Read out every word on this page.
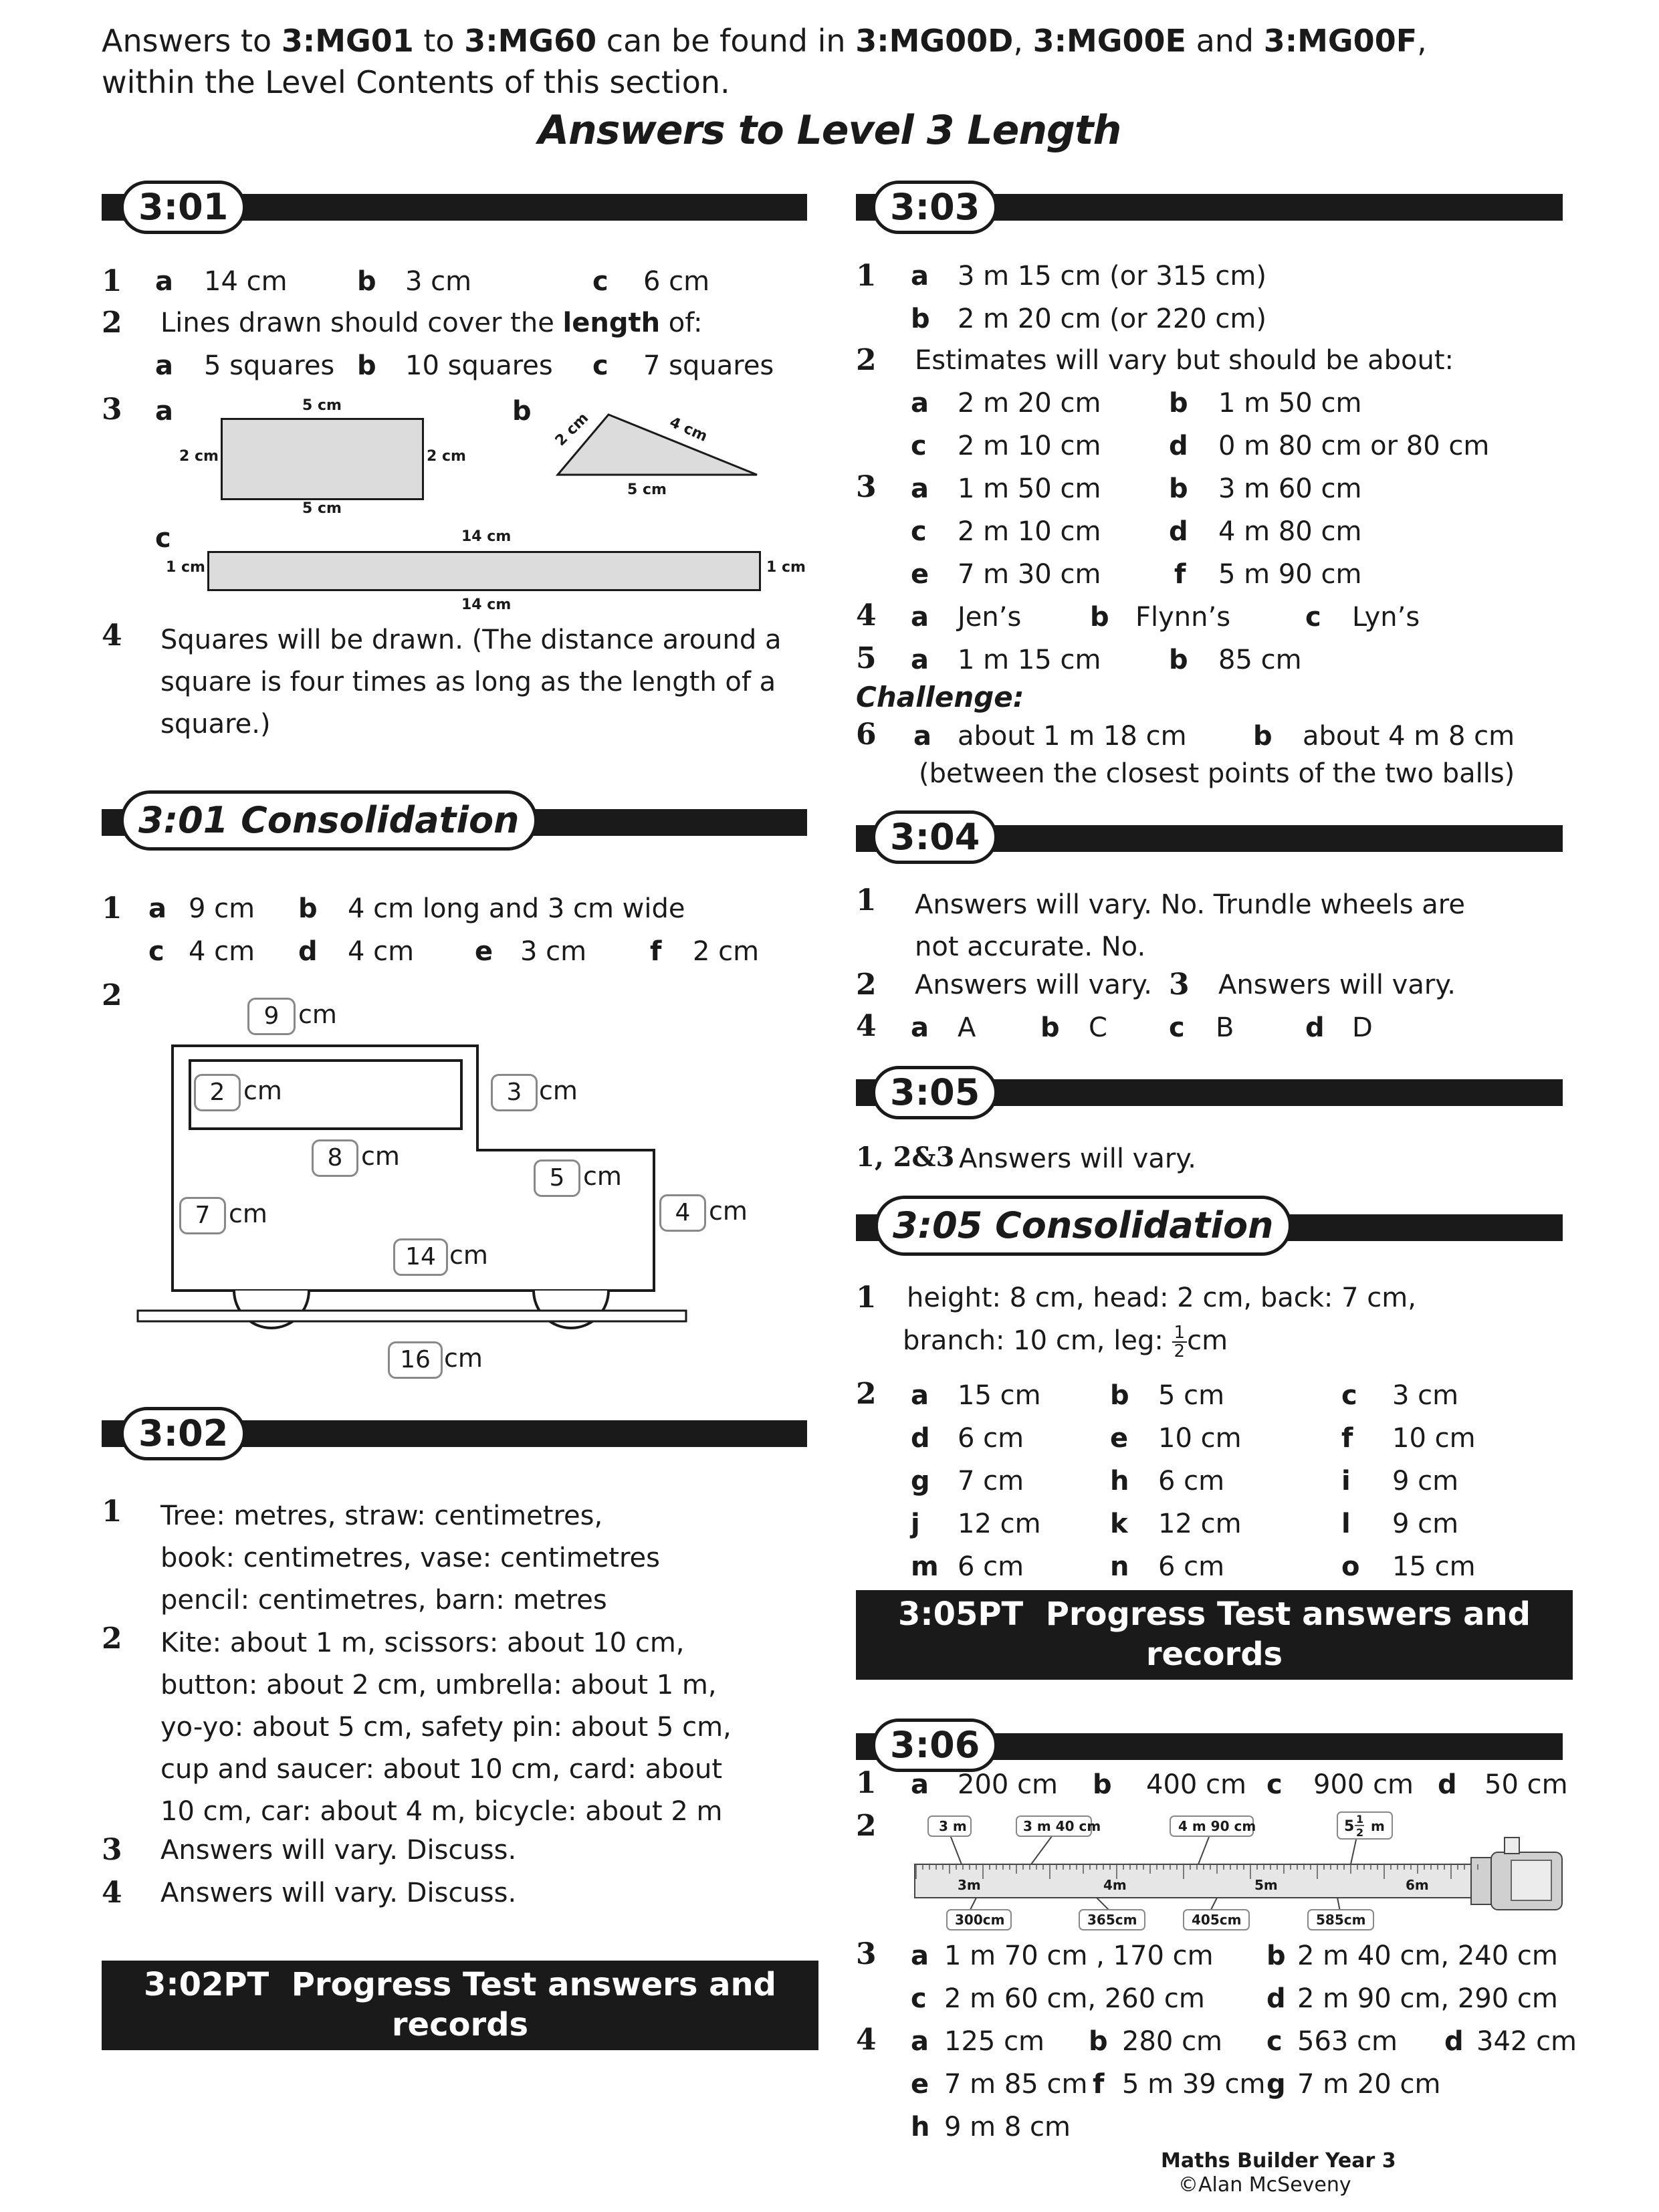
Answers to 3:MG01 to 3:MG60 can be found in 3:MG00D, 3:MG00E and 3:MG00F,
within the Level Contents of this section.
Answers to Level 3 Length
3:01
1 a 14 cm	b 3 cm	c 6 cm
2 Lines drawn should cover the length of:
a 5 squares b 10 squares c 7 squares
3 a	b
c
5 cm
5 cm
2 cm	2 cm
2 cm	4 cm
5 cm
14 cm
14 cm
1 cm	1 cm
4 Squares will be drawn. (The distance around a
square is four times as long as the length of a
square.)
3:01 Consolidation
1 a 9 cm b 4 cm long and 3 cm wide
c 4 cm d 4 cm e 3 cm f 2 cm
2
9 cm
2 cm	3 cm
8 cm
5 cm
7 cm	4 cm
14 cm
16 cm
3:02
1 Tree: metres, straw: centimetres,
book: centimetres, vase: centimetres
pencil: centimetres, barn: metres
2 Kite: about 1 m, scissors: about 10 cm,
button: about 2 cm, umbrella: about 1 m,
yo-yo: about 5 cm, safety pin: about 5 cm,
cup and saucer: about 10 cm, card: about
10 cm, car: about 4 m, bicycle: about 2 m
3 Answers will vary. Discuss.
4 Answers will vary. Discuss.
3:02PT Progress Test answers and records
are at the end of this section.
3:03
1 a 3 m 15 cm (or 315 cm)
b 2 m 20 cm (or 220 cm)
2 Estimates will vary but should be about:
a 2 m 20 cm	b 1 m 50 cm
c 2 m 10 cm	d 0 m 80 cm or 80 cm
3 a 1 m 50 cm	b 3 m 60 cm
c 2 m 10 cm	d 4 m 80 cm
e 7 m 30 cm	f 5 m 90 cm
4 a Jen’s	b Flynn’s	c Lyn’s
5 a 1 m 15 cm	b 85 cm
Challenge:
6 a about 1 m 18 cm b about 4 m 8 cm
(between the closest points of the two balls)
3:04
1 Answers will vary. No. Trundle wheels are
not accurate. No.
2 Answers will vary. 3 Answers will vary.
4 a A b C c B	d D
3:05
1, 2&3 Answers will vary.
3:05 Consolidation
1 height: 8 cm, head: 2 cm, back: 7 cm,
branch: 10 cm, leg: $\frac{1}{2}$ cm
2 a 15 cm	b 5 cm	c 3 cm
d 6 cm	e 10 cm	f 10 cm
g 7 cm	h 6 cm	i 9 cm
j 12 cm	k 12 cm	l 9 cm
m 6 cm	n 6 cm	o 15 cm
3:05PT Progress Test answers and records
are at the end of this section.
3:06
1 a 200 cm b 400 cm c 900 cm d 50 cm
2	3 m	3 m 40 cm	4 m 90 cm	5 1
2 m
3m	4m	5m	6m
300cm	365cm	405cm	585cm
3 a 1 m 70 cm , 170 cm b 2 m 40 cm, 240 cm
c 2 m 60 cm, 260 cm d 2 m 90 cm, 290 cm
4 a 125 cm b 280 cm c 563 cm d 342 cm
e 7 m 85 cm f 5 m 39 cm g 7 m 20 cm
h 9 m 8 cm
Maths Builder Year 3
©Alan McSeveny
